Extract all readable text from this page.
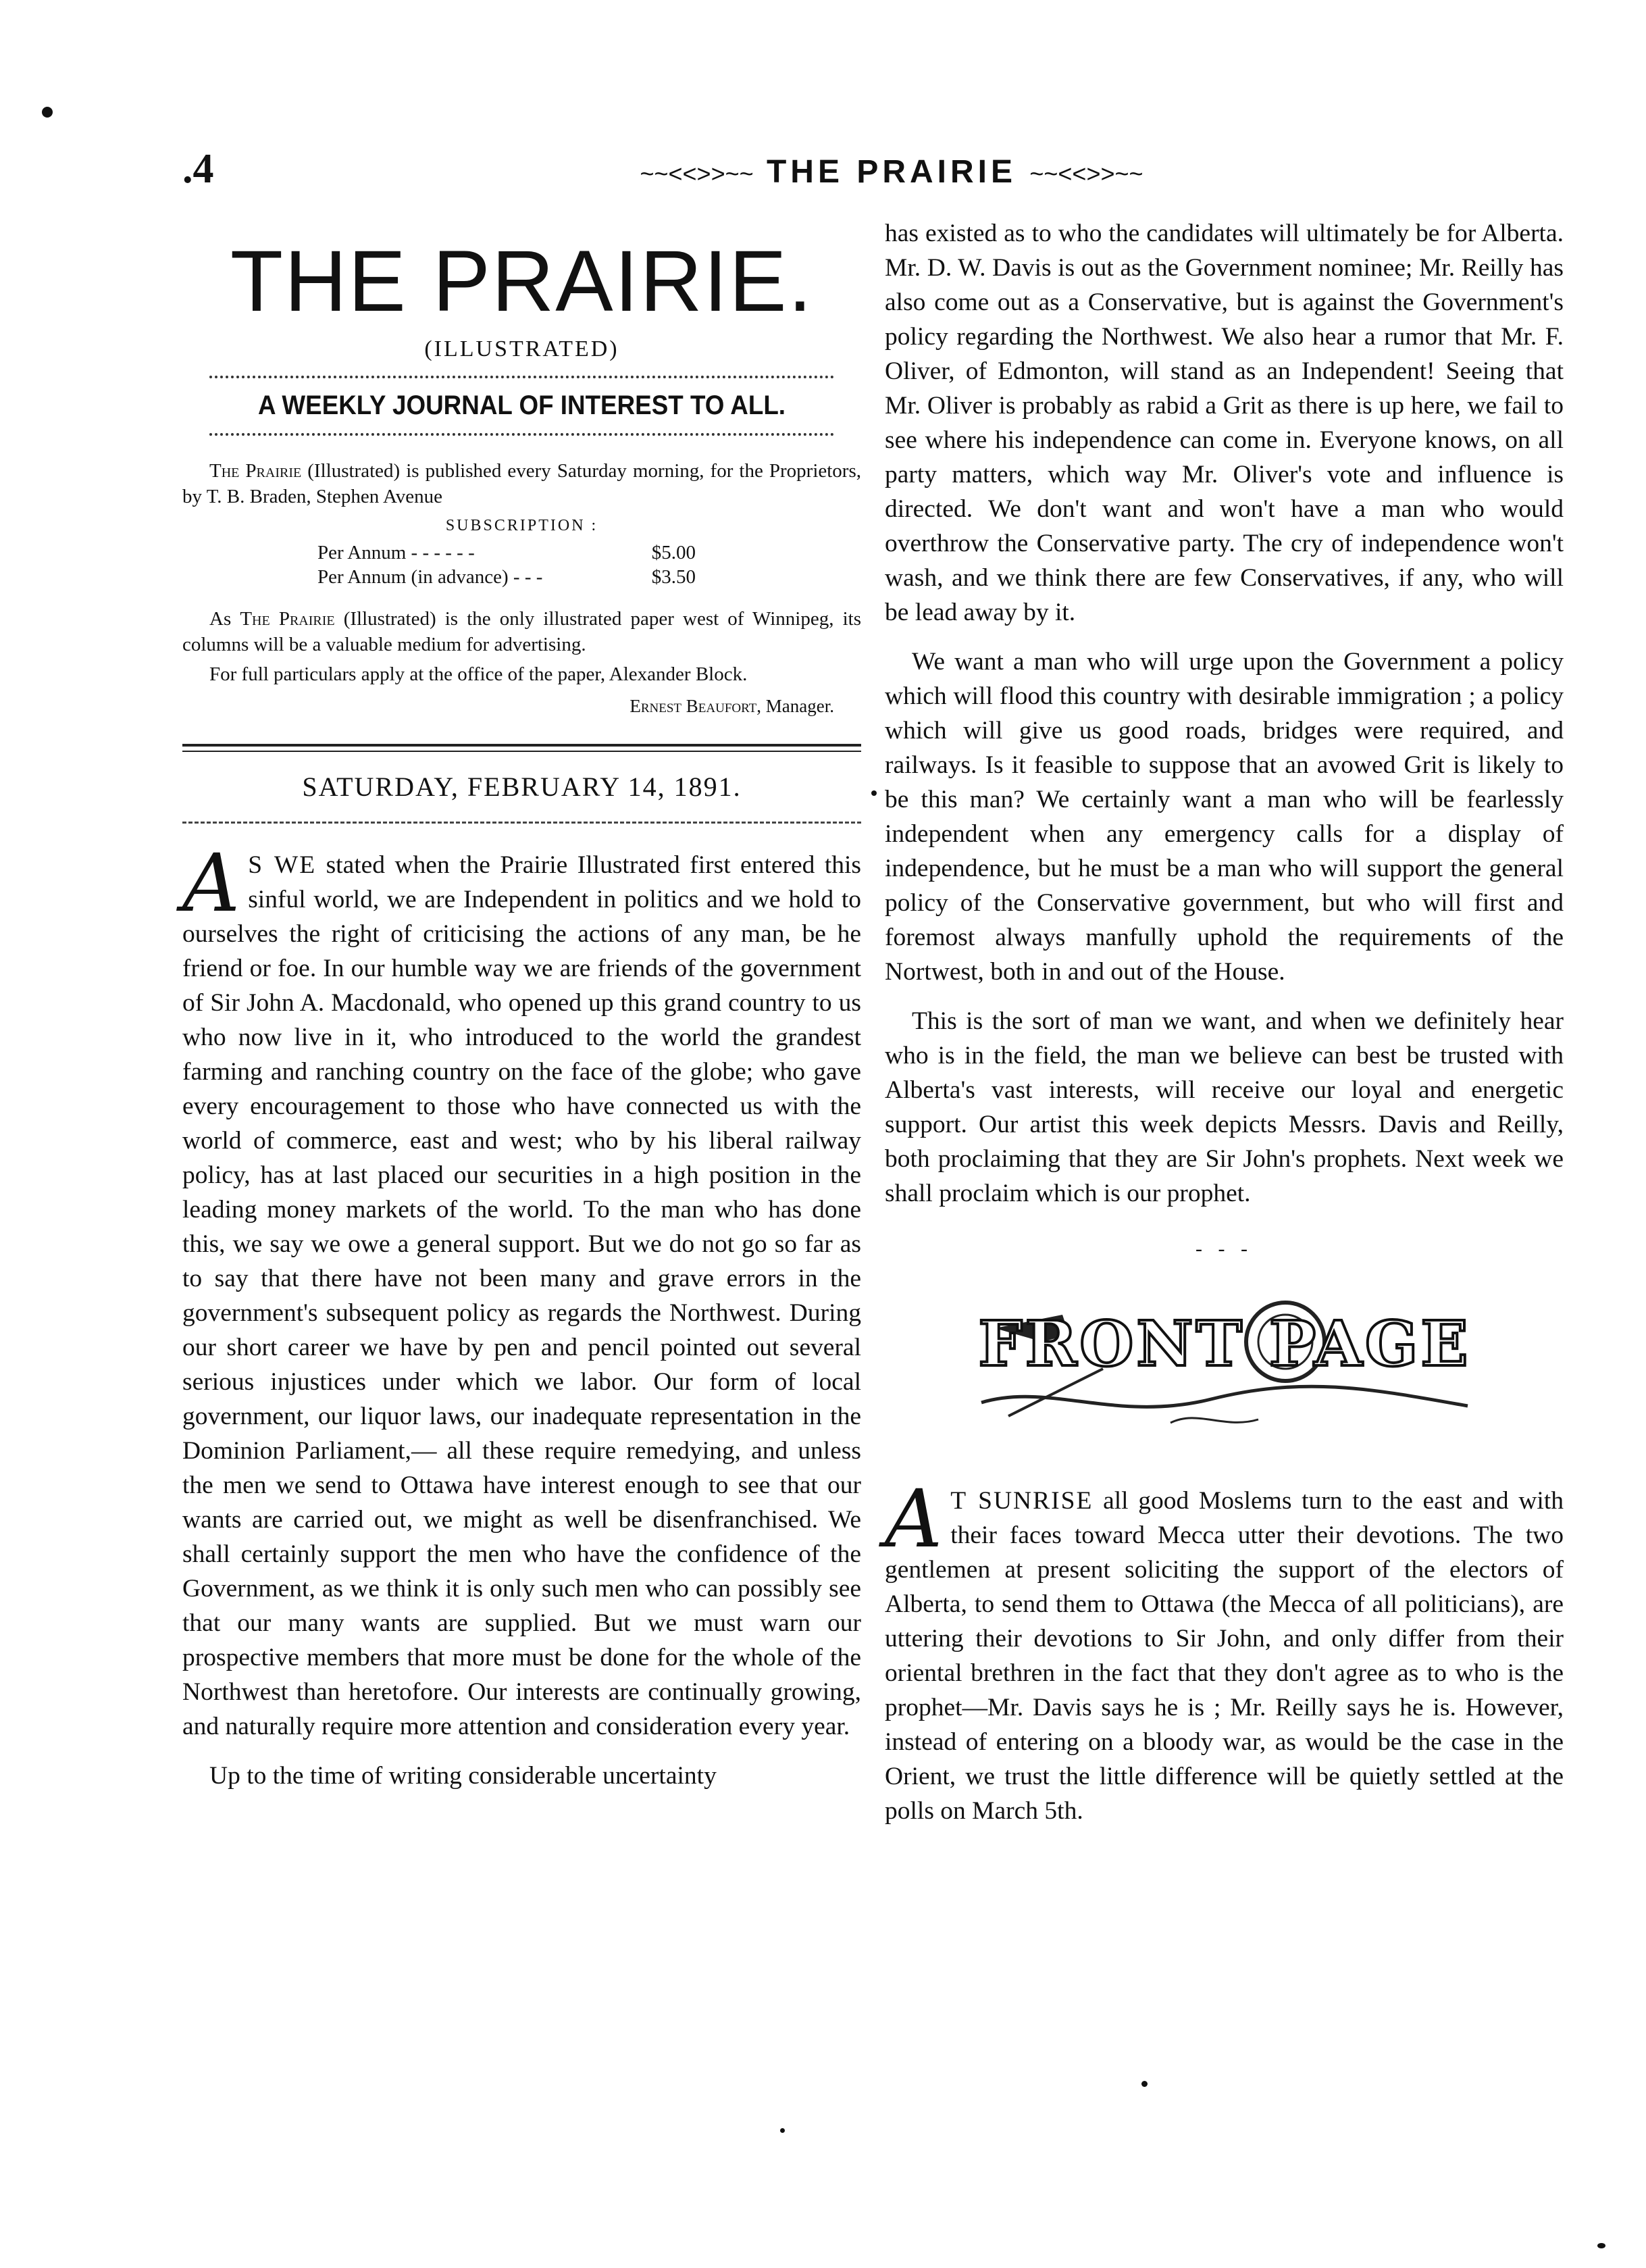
.4	~~<<>>~~ THE PRAIRIE ~~<<>>~~
THE PRAIRIE.
(ILLUSTRATED)
A WEEKLY JOURNAL OF INTEREST TO ALL.

The Prairie (Illustrated) is published every Saturday morning, for the Proprietors, by T. B. Braden, Stephen Avenue

SUBSCRIPTION :
Per Annum - - - - - -	$5.00
Per Annum (in advance) - - -	$3.50

As The Prairie (Illustrated) is the only illustrated paper west of Winnipeg, its columns will be a valuable medium for advertising.

For full particulars apply at the office of the paper, Alexander Block.

Ernest Beaufort, Manager.
SATURDAY, FEBRUARY 14, 1891.

A S WE stated when the Prairie Illustrated first entered this sinful world, we are Independent in politics and we hold to ourselves the right of criticising the actions of any man, be he friend or foe. In our humble way we are friends of the government of Sir John A. Macdonald, who opened up this grand country to us who now live in it, who introduced to the world the grandest farming and ranching country on the face of the globe; who gave every encouragement to those who have connected us with the world of commerce, east and west; who by his liberal railway policy, has at last placed our securities in a high position in the leading money markets of the world. To the man who has done this, we say we owe a general support. But we do not go so far as to say that there have not been many and grave errors in the government's subsequent policy as regards the Northwest. During our short career we have by pen and pencil pointed out several serious injustices under which we labor. Our form of local government, our liquor laws, our inadequate representation in the Dominion Parliament,— all these require remedying, and unless the men we send to Ottawa have interest enough to see that our wants are carried out, we might as well be disenfranchised. We shall certainly support the men who have the confidence of the Government, as we think it is only such men who can possibly see that our many wants are supplied. But we must warn our prospective members that more must be done for the whole of the Northwest than heretofore. Our interests are continually growing, and naturally require more attention and consideration every year.

Up to the time of writing considerable uncertainty

has existed as to who the candidates will ultimately be for Alberta. Mr. D. W. Davis is out as the Government nominee; Mr. Reilly has also come out as a Conservative, but is against the Government's policy regarding the Northwest. We also hear a rumor that Mr. F. Oliver, of Edmonton, will stand as an Independent! Seeing that Mr. Oliver is probably as rabid a Grit as there is up here, we fail to see where his independence can come in. Everyone knows, on all party matters, which way Mr. Oliver's vote and influence is directed. We don't want and won't have a man who would overthrow the Conservative party. The cry of independence won't wash, and we think there are few Conservatives, if any, who will be lead away by it.

We want a man who will urge upon the Government a policy which will flood this country with desirable immigration ; a policy which will give us good roads, bridges were required, and railways. Is it feasible to suppose that an avowed Grit is likely to be this man? We certainly want a man who will be fearlessly independent when any emergency calls for a display of independence, but he must be a man who will support the general policy of the Conservative government, but who will first and foremost always manfully uphold the requirements of the Nortwest, both in and out of the House.

This is the sort of man we want, and when we definitely hear who is in the field, the man we believe can best be trusted with Alberta's vast interests, will receive our loyal and energetic support. Our artist this week depicts Messrs. Davis and Reilly, both proclaiming that they are Sir John's prophets. Next week we shall proclaim which is our prophet.

- - -
FRONT PAGE

A T SUNRISE all good Moslems turn to the east and with their faces toward Mecca utter their devotions. The two gentlemen at present soliciting the support of the electors of Alberta, to send them to Ottawa (the Mecca of all politicians), are uttering their devotions to Sir John, and only differ from their oriental brethren in the fact that they don't agree as to who is the prophet—Mr. Davis says he is ; Mr. Reilly says he is. However, instead of entering on a bloody war, as would be the case in the Orient, we trust the little difference will be quietly settled at the polls on March 5th.
